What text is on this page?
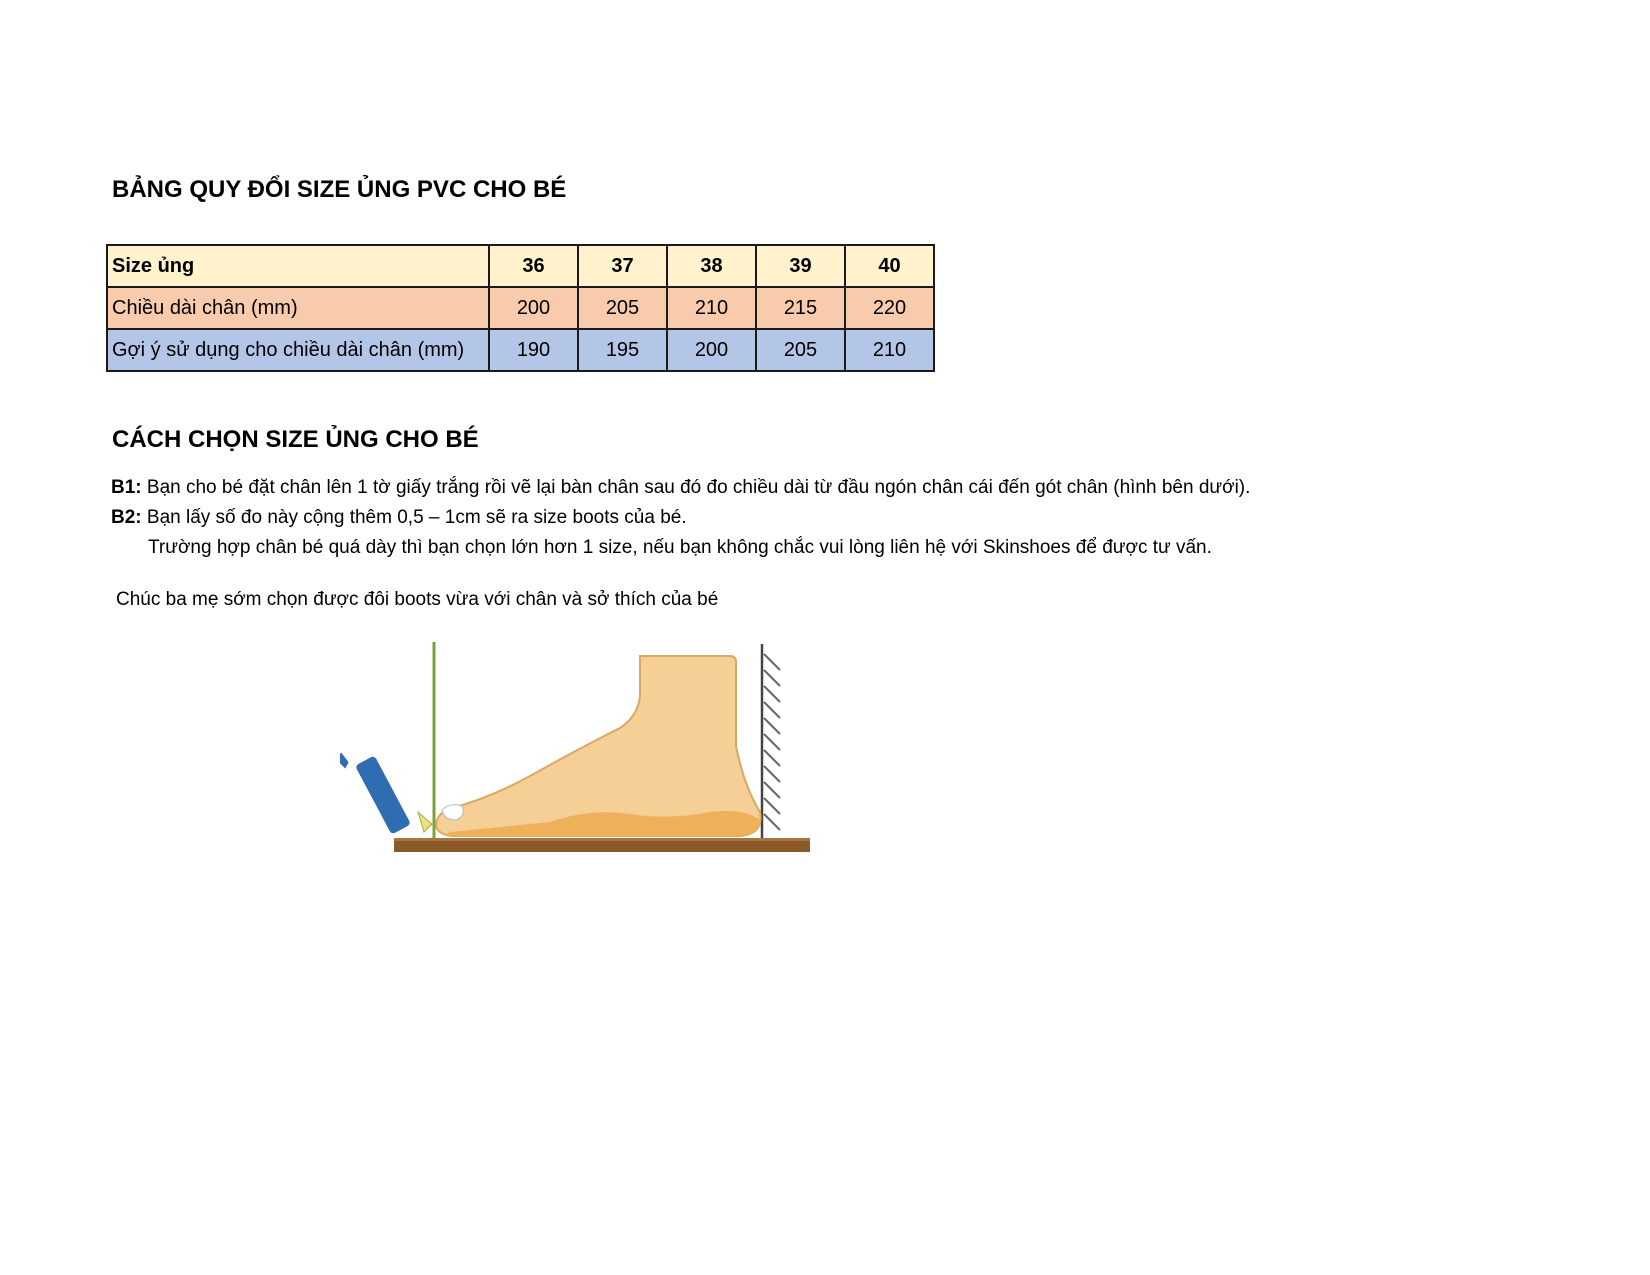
BẢNG QUY ĐỔI SIZE ỦNG PVC CHO BÉ
Size ủng	36	37	38	39	40
Chiều dài chân (mm)	200	205	210	215	220
Gợi ý sử dụng cho chiều dài chân (mm)	190	195	200	205	210
CÁCH CHỌN SIZE ỦNG CHO BÉ
B1: Bạn cho bé đặt chân lên 1 tờ giấy trắng rồi vẽ lại bàn chân sau đó đo chiều dài từ đầu ngón chân cái đến gót chân (hình bên dưới).
B2: Bạn lấy số đo này cộng thêm 0,5 – 1cm sẽ ra size boots của bé.
Trường hợp chân bé quá dày thì bạn chọn lớn hơn 1 size, nếu bạn không chắc vui lòng liên hệ với Skinshoes để được tư vấn.
Chúc ba mẹ sớm chọn được đôi boots vừa với chân và sở thích của bé
